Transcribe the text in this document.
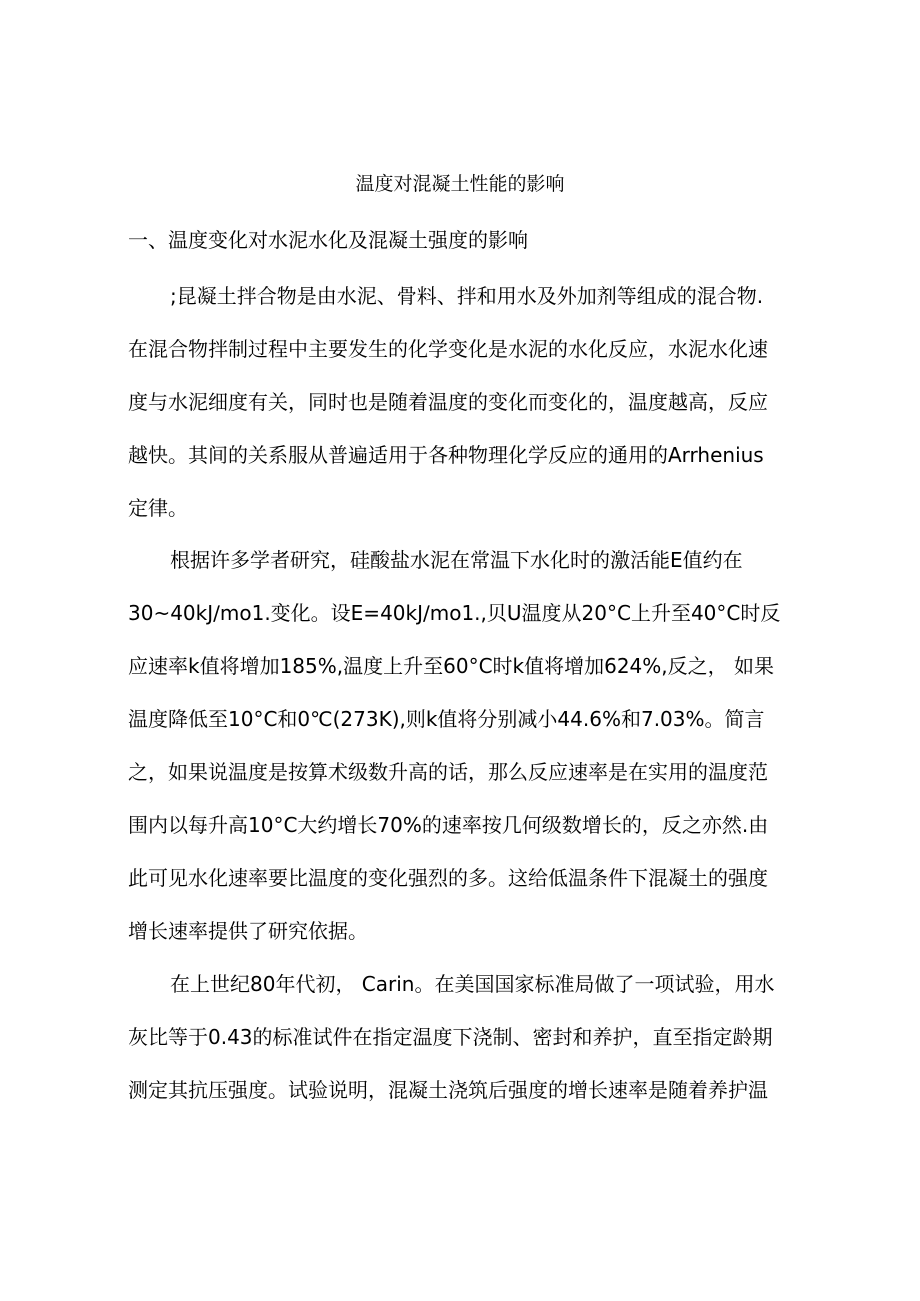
温度对混凝土性能的影响
一、温度变化对水泥水化及混凝土强度的影响
;昆凝土拌合物是由水泥、骨料、拌和用水及外加剂等组成的混合物.
在混合物拌制过程中主要发生的化学变化是水泥的水化反应，水泥水化速
度与水泥细度有关，同时也是随着温度的变化而变化的，温度越高，反应
越快。其间的关系服从普遍适用于各种物理化学反应的通用的Arrhenius
定律。
根据许多学者研究，硅酸盐水泥在常温下水化时的激活能E值约在
30~40kJ∕mo1.变化。设E=40kJ∕mo1.,贝U温度从20°C上升至40°C时反
应速率k值将增加185%,温度上升至60°C时k值将增加624%,反之， 如果
温度降低至10°C和0℃(273K),则k值将分别减小44.6%和7.03%。简言
之，如果说温度是按算术级数升高的话，那么反应速率是在实用的温度范
围内以每升高10°C大约增长70%的速率按几何级数增长的，反之亦然.由
此可见水化速率要比温度的变化强烈的多。这给低温条件下混凝土的强度
增长速率提供了研究依据。
在上世纪80年代初， Carin。在美国国家标准局做了一项试验，用水
灰比等于0.43的标准试件在指定温度下浇制、密封和养护，直至指定龄期
测定其抗压强度。试验说明，混凝土浇筑后强度的增长速率是随着养护温
